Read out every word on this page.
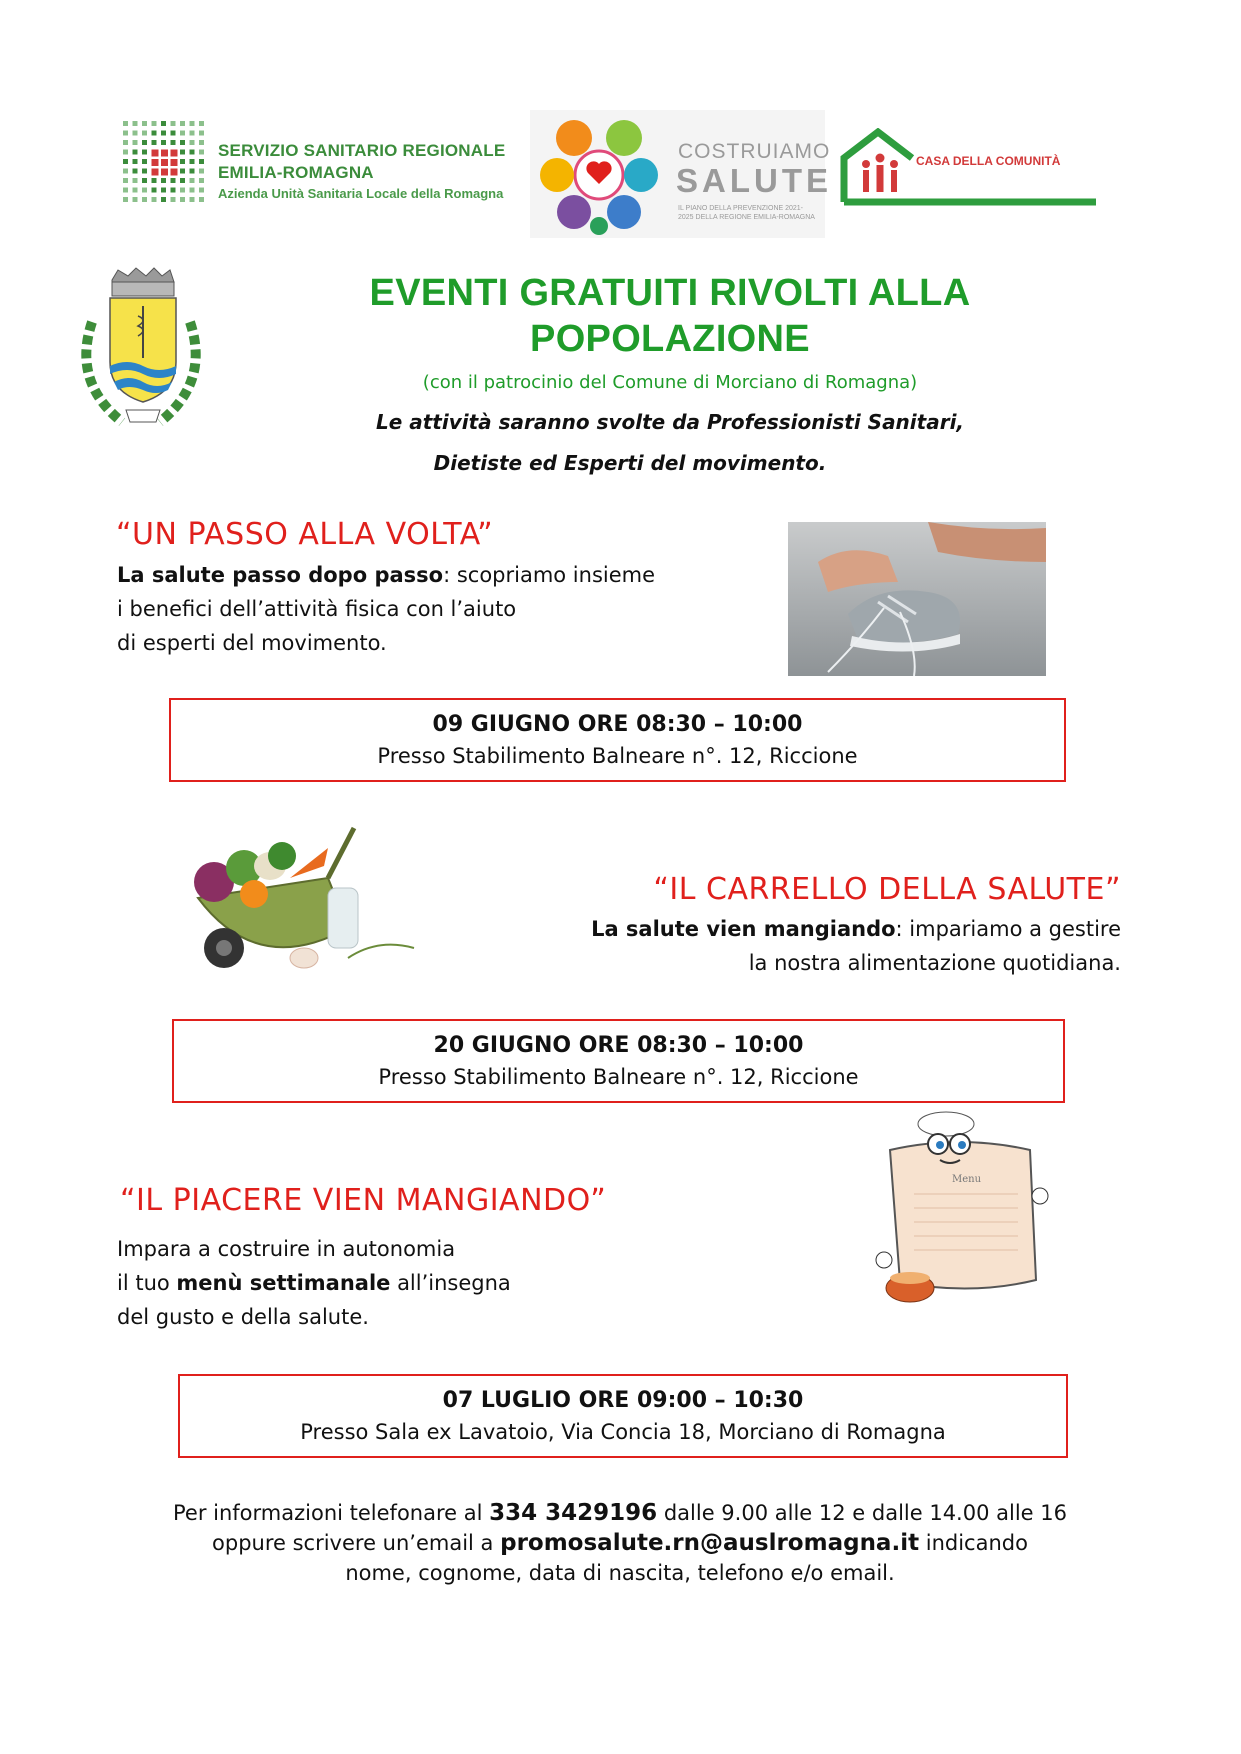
SERVIZIO SANITARIO REGIONALE
EMILIA-ROMAGNA
Azienda Unità Sanitaria Locale della Romagna
COSTRUIAMO
SALUTE
IL PIANO DELLA PREVENZIONE 2021-2025 DELLA REGIONE EMILIA-ROMAGNA
CASA DELLA COMUNITÀ
EVENTI GRATUITI RIVOLTI ALLA
POPOLAZIONE
(con il patrocinio del Comune di Morciano di Romagna)
Le attività saranno svolte da Professionisti Sanitari,
Dietiste ed Esperti del movimento.
“UN PASSO ALLA VOLTA”
La salute passo dopo passo: scopriamo insieme
i benefici dell’attività fisica con l’aiuto
di esperti del movimento.
09 GIUGNO ORE 08:30 – 10:00
Presso Stabilimento Balneare n°. 12, Riccione
“IL CARRELLO DELLA SALUTE”
La salute vien mangiando: impariamo a gestire
la nostra alimentazione quotidiana.
20 GIUGNO ORE 08:30 – 10:00
Presso Stabilimento Balneare n°. 12, Riccione
Menu
“IL PIACERE VIEN MANGIANDO”
Impara a costruire in autonomia
il tuo menù settimanale all’insegna
del gusto e della salute.
07 LUGLIO ORE 09:00 – 10:30
Presso Sala ex Lavatoio, Via Concia 18, Morciano di Romagna
Per informazioni telefonare al 334 3429196 dalle 9.00 alle 12 e dalle 14.00 alle 16
oppure scrivere un’email a promosalute.rn@auslromagna.it indicando
nome, cognome, data di nascita, telefono e/o email.
